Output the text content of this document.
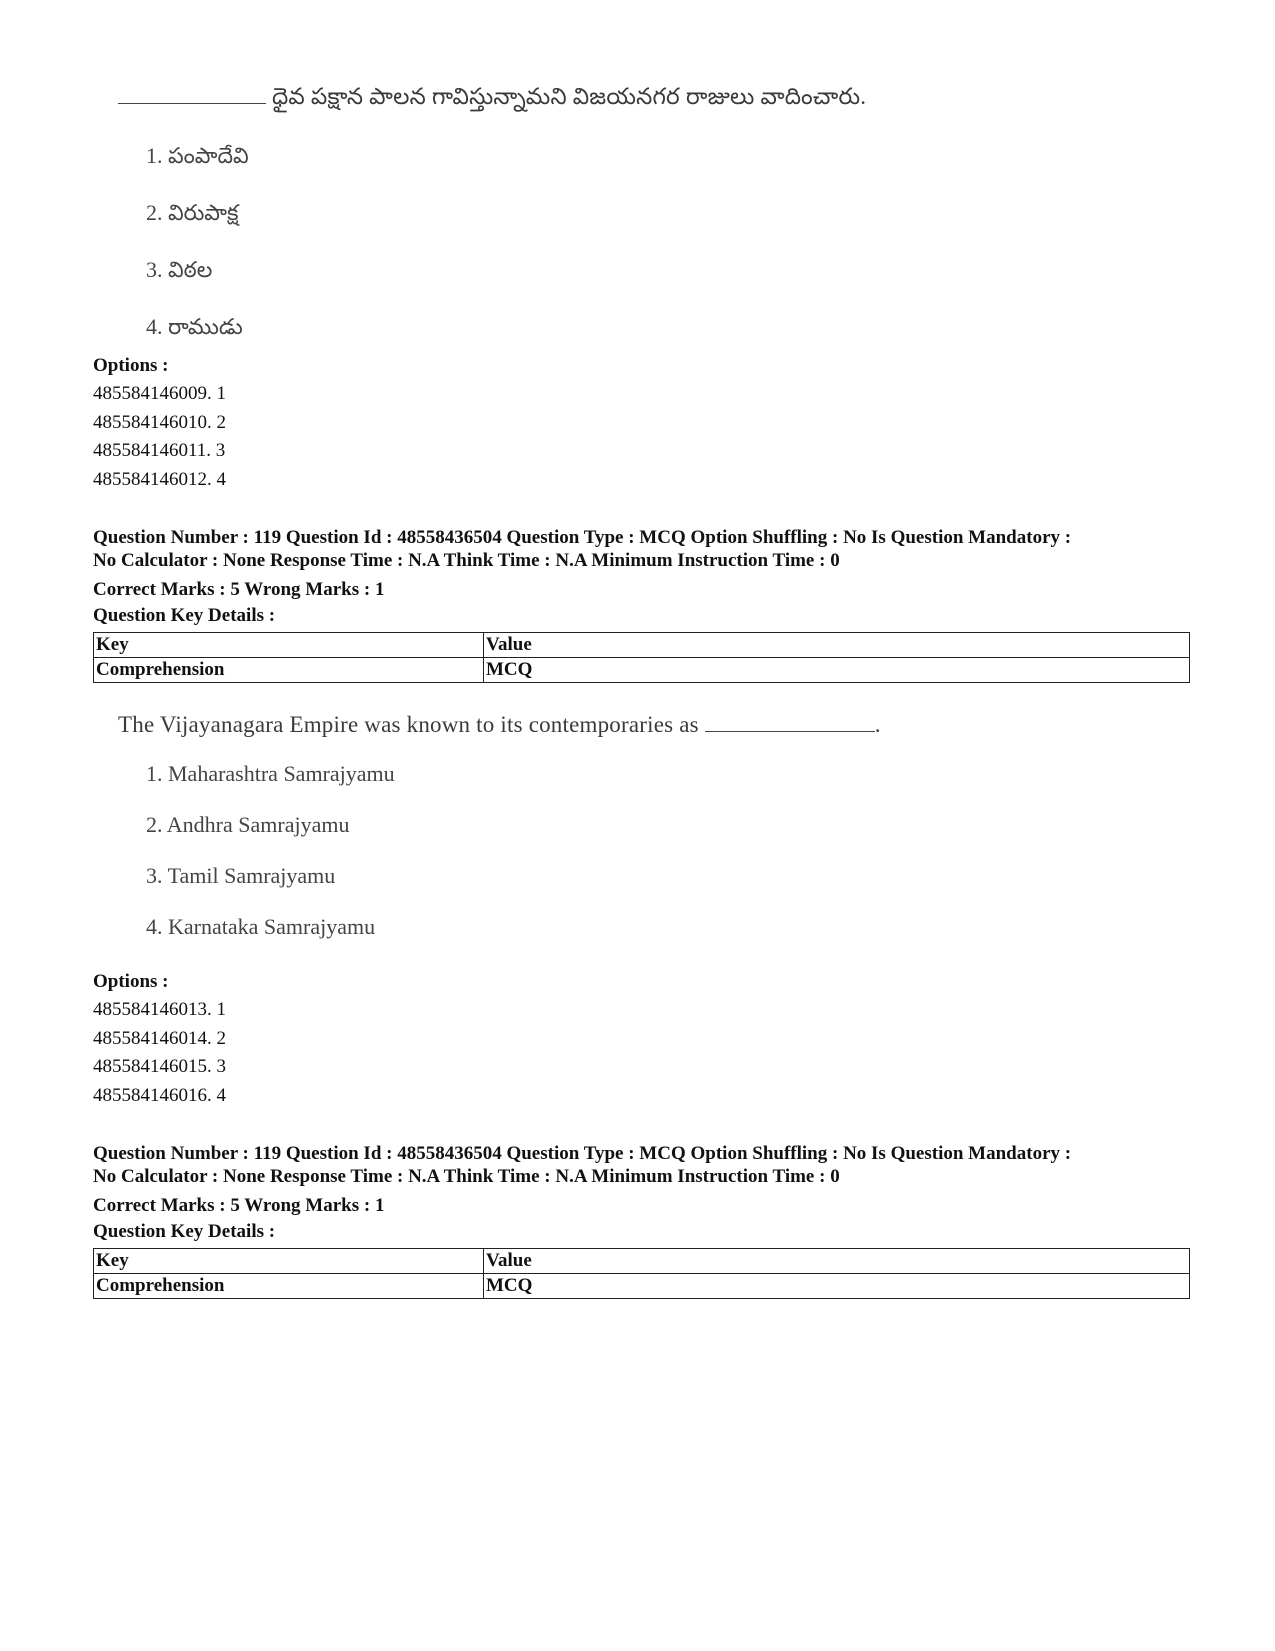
ధైవ పక్షాన పాలన గావిస్తున్నామని విజయనగర రాజులు వాదించారు.
1. పంపాదేవి
2. విరుపాక్ష
3. విఠల
4. రాముడు
Options :
485584146009. 1
485584146010. 2
485584146011. 3
485584146012. 4
Question Number : 119 Question Id : 48558436504 Question Type : MCQ Option Shuffling : No Is Question Mandatory :
No Calculator : None Response Time : N.A Think Time : N.A Minimum Instruction Time : 0
Correct Marks : 5 Wrong Marks : 1
Question Key Details :
Key	Value
Comprehension	MCQ
The Vijayanagara Empire was known to its contemporaries as	.
1. Maharashtra Samrajyamu
2. Andhra Samrajyamu
3. Tamil Samrajyamu
4. Karnataka Samrajyamu
Options :
485584146013. 1
485584146014. 2
485584146015. 3
485584146016. 4
Question Number : 119 Question Id : 48558436504 Question Type : MCQ Option Shuffling : No Is Question Mandatory :
No Calculator : None Response Time : N.A Think Time : N.A Minimum Instruction Time : 0
Correct Marks : 5 Wrong Marks : 1
Question Key Details :
Key	Value
Comprehension	MCQ
